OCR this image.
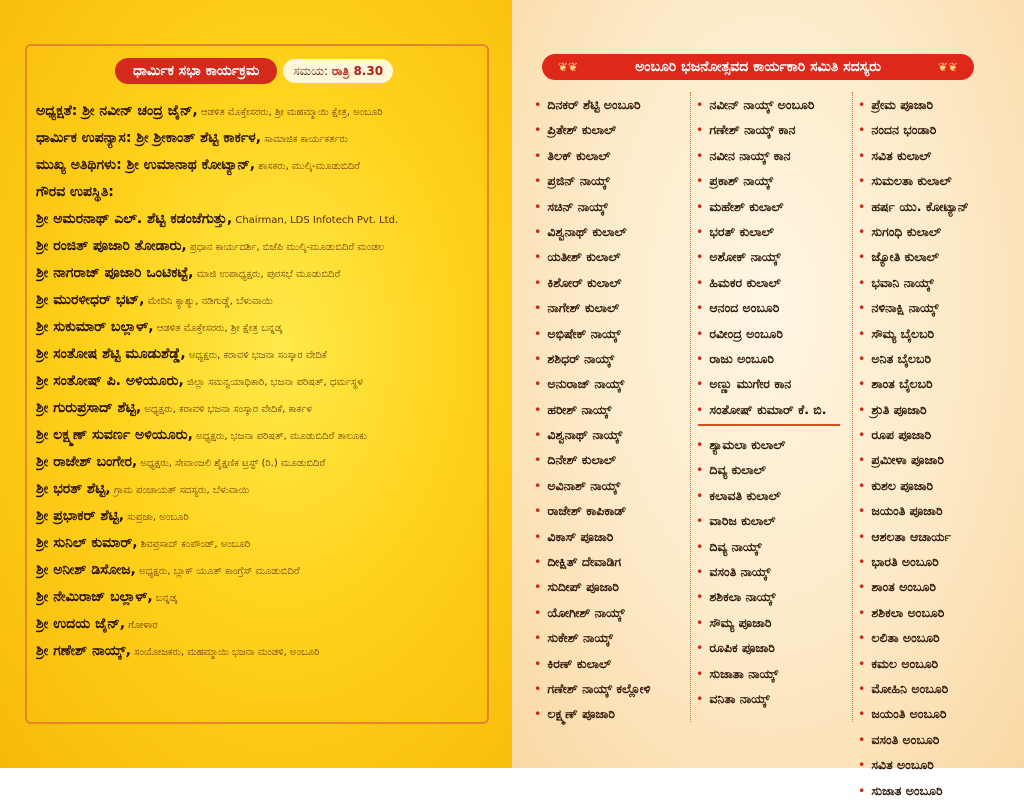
ಧಾರ್ಮಿಕ ಸಭಾ ಕಾರ್ಯಕ್ರಮ	ಸಮಯ: ರಾತ್ರಿ 8.30
ಅಧ್ಯಕ್ಷತೆ: ಶ್ರೀ ನವೀನ್ ಚಂದ್ರ ಜೈನ್, ಆಡಳಿತ ಮೊಕ್ತೇಸರರು, ಶ್ರೀ ಮಹಮ್ಮಾಯಿ ಕ್ಷೇತ್ರ, ಅಂಬೂರಿ
ಧಾರ್ಮಿಕ ಉಪನ್ಯಾಸ: ಶ್ರೀ ಶ್ರೀಕಾಂತ್ ಶೆಟ್ಟಿ ಕಾರ್ಕಳ, ಸಾಮಾಜಿಕ ಕಾರ್ಯಕರ್ತರು
ಮುಖ್ಯ ಅತಿಥಿಗಳು: ಶ್ರೀ ಉಮಾನಾಥ ಕೋಟ್ಯಾನ್, ಶಾಸಕರು, ಮುಲ್ಕಿ-ಮೂಡುಬಿದಿರೆ
ಗೌರವ ಉಪಸ್ಥಿತಿ:
ಶ್ರೀ ಅಮರನಾಥ್ ಎಲ್. ಶೆಟ್ಟಿ ಕಡಂಜೆಗುತ್ತು, Chairman, LDS Infotech Pvt. Ltd.
ಶ್ರೀ ರಂಜಿತ್ ಪೂಜಾರಿ ತೋಡಾರು, ಪ್ರಧಾನ ಕಾರ್ಯದರ್ಶಿ, ಬಿಜೆಪಿ ಮುಲ್ಕಿ-ಮೂಡುಬಿದಿರೆ ಮಂಡಲ
ಶ್ರೀ ನಾಗರಾಜ್ ಪೂಜಾರಿ ಒಂಟಿಕಟ್ಟೆ, ಮಾಜಿ ಉಪಾಧ್ಯಕ್ಷರು, ಪುರಸಭೆ ಮೂಡುಬಿದಿರೆ
ಶ್ರೀ ಮುರಳೀಧರ್ ಭಟ್, ಮೇದಿನಿ ಕ್ಯಾಶ್ಯು, ನಡಿಗುಡ್ಡೆ, ಬೆಳುವಾಯಿ
ಶ್ರೀ ಸುಕುಮಾರ್ ಬಲ್ಲಾಳ್, ಆಡಳಿತ ಮೊಕ್ತೇಸರರು, ಶ್ರೀ ಕ್ಷೇತ್ರ ಬನ್ನಡ್ಕ
ಶ್ರೀ ಸಂತೋಷ ಶೆಟ್ಟಿ ಮೂಡುಶೆಡ್ಡೆ, ಅಧ್ಯಕ್ಷರು, ಕರಾವಳಿ ಭಜನಾ ಸಂಸ್ಕಾರ ವೇದಿಕೆ
ಶ್ರೀ ಸಂತೋಷ್ ಪಿ. ಅಳಿಯೂರು, ಜಿಲ್ಲಾ ಸಮನ್ವಯಾಧಿಕಾರಿ, ಭಜನಾ ಪರಿಷತ್, ಧರ್ಮಸ್ಥಳ
ಶ್ರೀ ಗುರುಪ್ರಸಾದ್ ಶೆಟ್ಟಿ, ಅಧ್ಯಕ್ಷರು, ಕರಾವಳಿ ಭಜನಾ ಸಂಸ್ಕಾರ ವೇದಿಕೆ, ಕಾರ್ಕಳ
ಶ್ರೀ ಲಕ್ಷ್ಮಣ್ ಸುವರ್ಣ ಅಳಿಯೂರು, ಅಧ್ಯಕ್ಷರು, ಭಜನಾ ಪರಿಷತ್, ಮೂಡುಬಿದಿರೆ ತಾಲೂಕು
ಶ್ರೀ ರಾಜೇಶ್ ಬಂಗೇರ, ಅಧ್ಯಕ್ಷರು, ಸೇವಾಂಜಲಿ ಶೈಕ್ಷಣಿಕ ಟ್ರಸ್ಟ್ (ರಿ.) ಮೂಡುಬಿದಿರೆ
ಶ್ರೀ ಭರತ್ ಶೆಟ್ಟಿ, ಗ್ರಾಮ ಪಂಚಾಯತ್ ಸದಸ್ಯರು, ಬೆಳುವಾಯಿ
ಶ್ರೀ ಪ್ರಭಾಕರ್ ಶೆಟ್ಟಿ, ಸುಪ್ರಜಾ, ಅಂಬೂರಿ
ಶ್ರೀ ಸುನಿಲ್ ಕುಮಾರ್, ಶಿವಪ್ರಸಾದ್ ಕಂಪೌಂಡ್, ಅಂಬೂರಿ
ಶ್ರೀ ಅನೀಶ್ ಡಿಸೋಜ, ಅಧ್ಯಕ್ಷರು, ಬ್ಲಾಕ್ ಯೂತ್ ಕಾಂಗ್ರೆಸ್ ಮೂಡುಬಿದಿರೆ
ಶ್ರೀ ನೇಮಿರಾಜ್ ಬಲ್ಲಾಳ್, ಬನ್ನಡ್ಕ
ಶ್ರೀ ಉದಯ ಜೈನ್, ಗೋಳಾರ
ಶ್ರೀ ಗಣೇಶ್ ನಾಯ್ಕ್, ಸಂಯೋಜಕರು, ಮಹಮ್ಮಾಯಿ ಭಜನಾ ಮಂಡಳಿ, ಅಂಬೂರಿ
❦❦	ಅಂಬೂರಿ ಭಜನೋತ್ಸವದ ಕಾರ್ಯಕಾರಿ ಸಮಿತಿ ಸದಸ್ಯರು	❦❦
• ದಿನಕರ್ ಶೆಟ್ಟಿ ಅಂಬೂರಿ
• ಪ್ರಿತೇಶ್ ಕುಲಾಲ್
• ತಿಲಕ್ ಕುಲಾಲ್
• ಪ್ರಜಿನ್ ನಾಯ್ಕ್
• ಸಚಿನ್ ನಾಯ್ಕ್
• ವಿಶ್ವನಾಥ್ ಕುಲಾಲ್
• ಯತೀಶ್ ಕುಲಾಲ್
• ಕಿಶೋರ್ ಕುಲಾಲ್
• ನಾಗೇಶ್ ಕುಲಾಲ್
• ಅಭಿಷೇಕ್ ನಾಯ್ಕ್
• ಶಶಿಧರ್ ನಾಯ್ಕ್
• ಅನುರಾಜ್ ನಾಯ್ಕ್
• ಹರೀಶ್ ನಾಯ್ಕ್
• ವಿಶ್ವನಾಥ್ ನಾಯ್ಕ್
• ದಿನೇಶ್ ಕುಲಾಲ್
• ಅವಿನಾಶ್ ನಾಯ್ಕ್
• ರಾಜೇಶ್ ಕಾಪಿಕಾಡ್
• ವಿಕಾಸ್ ಪೂಜಾರಿ
• ದೀಕ್ಷಿತ್ ದೇವಾಡಿಗ
• ಸುದೀಪ್ ಪೂಜಾರಿ
• ಯೋಗೀಶ್ ನಾಯ್ಕ್
• ಸುಕೇಶ್ ನಾಯ್ಕ್
• ಕಿರಣ್ ಕುಲಾಲ್
• ಗಣೇಶ್ ನಾಯ್ಕ್ ಕಲ್ಲೋಳಿ
• ಲಕ್ಷ್ಮಣ್ ಪೂಜಾರಿ
• ನವೀನ್ ನಾಯ್ಕ್ ಅಂಬೂರಿ
• ಗಣೇಶ್ ನಾಯ್ಕ್ ಕಾನ
• ನವೀನ ನಾಯ್ಕ್ ಕಾನ
• ಪ್ರಕಾಶ್ ನಾಯ್ಕ್
• ಮಹೇಶ್ ಕುಲಾಲ್
• ಭರತ್ ಕುಲಾಲ್
• ಅಶೋಕ್ ನಾಯ್ಕ್
• ಹಿಮಕರ ಕುಲಾಲ್
• ಆನಂದ ಅಂಬೂರಿ
• ರವೀಂದ್ರ ಅಂಬೂರಿ
• ರಾಜು ಅಂಬೂರಿ
• ಅಣ್ಣು ಮುಗೇರ ಕಾನ
• ಸಂತೋಷ್ ಕುಮಾರ್ ಕೆ. ಬಿ.
• ಶ್ಯಾಮಲಾ ಕುಲಾಲ್
• ದಿವ್ಯ ಕುಲಾಲ್
• ಕಲಾವತಿ ಕುಲಾಲ್
• ವಾರಿಜ ಕುಲಾಲ್
• ದಿವ್ಯ ನಾಯ್ಕ್
• ವಸಂತಿ ನಾಯ್ಕ್
• ಶಶಿಕಲಾ ನಾಯ್ಕ್
• ಸೌಮ್ಯ ಪೂಜಾರಿ
• ರೂಪಿಕ ಪೂಜಾರಿ
• ಸುಜಾತಾ ನಾಯ್ಕ್
• ವನಿತಾ ನಾಯ್ಕ್
• ಪ್ರೇಮ ಪೂಜಾರಿ
• ನಂದನ ಭಂಡಾರಿ
• ಸವಿತ ಕುಲಾಲ್
• ಸುಮಲತಾ ಕುಲಾಲ್
• ಹರ್ಷ ಯು. ಕೋಟ್ಯಾನ್
• ಸುಗಂಧಿ ಕುಲಾಲ್
• ಜ್ಯೋತಿ ಕುಲಾಲ್
• ಭವಾನಿ ನಾಯ್ಕ್
• ನಳಿನಾಕ್ಷಿ ನಾಯ್ಕ್
• ಸೌಮ್ಯ ಬೈಲಬರಿ
• ಅನಿತ ಬೈಲಬರಿ
• ಶಾಂತ ಬೈಲಬರಿ
• ಶ್ರುತಿ ಪೂಜಾರಿ
• ರೂಪ ಪೂಜಾರಿ
• ಪ್ರಮೀಳಾ ಪೂಜಾರಿ
• ಕುಶಲ ಪೂಜಾರಿ
• ಜಯಂತಿ ಪೂಜಾರಿ
• ಆಶಲತಾ ಆಚಾರ್ಯ
• ಭಾರತಿ ಅಂಬೂರಿ
• ಶಾಂತ ಅಂಬೂರಿ
• ಶಶಿಕಲಾ ಅಂಬೂರಿ
• ಲಲಿತಾ ಅಂಬೂರಿ
• ಕಮಲ ಅಂಬೂರಿ
• ಮೋಹಿನಿ ಅಂಬೂರಿ
• ಜಯಂತಿ ಅಂಬೂರಿ
• ವಸಂತಿ ಅಂಬೂರಿ
• ಸವಿತ ಅಂಬೂರಿ
• ಸುಜಾತ ಅಂಬೂರಿ
